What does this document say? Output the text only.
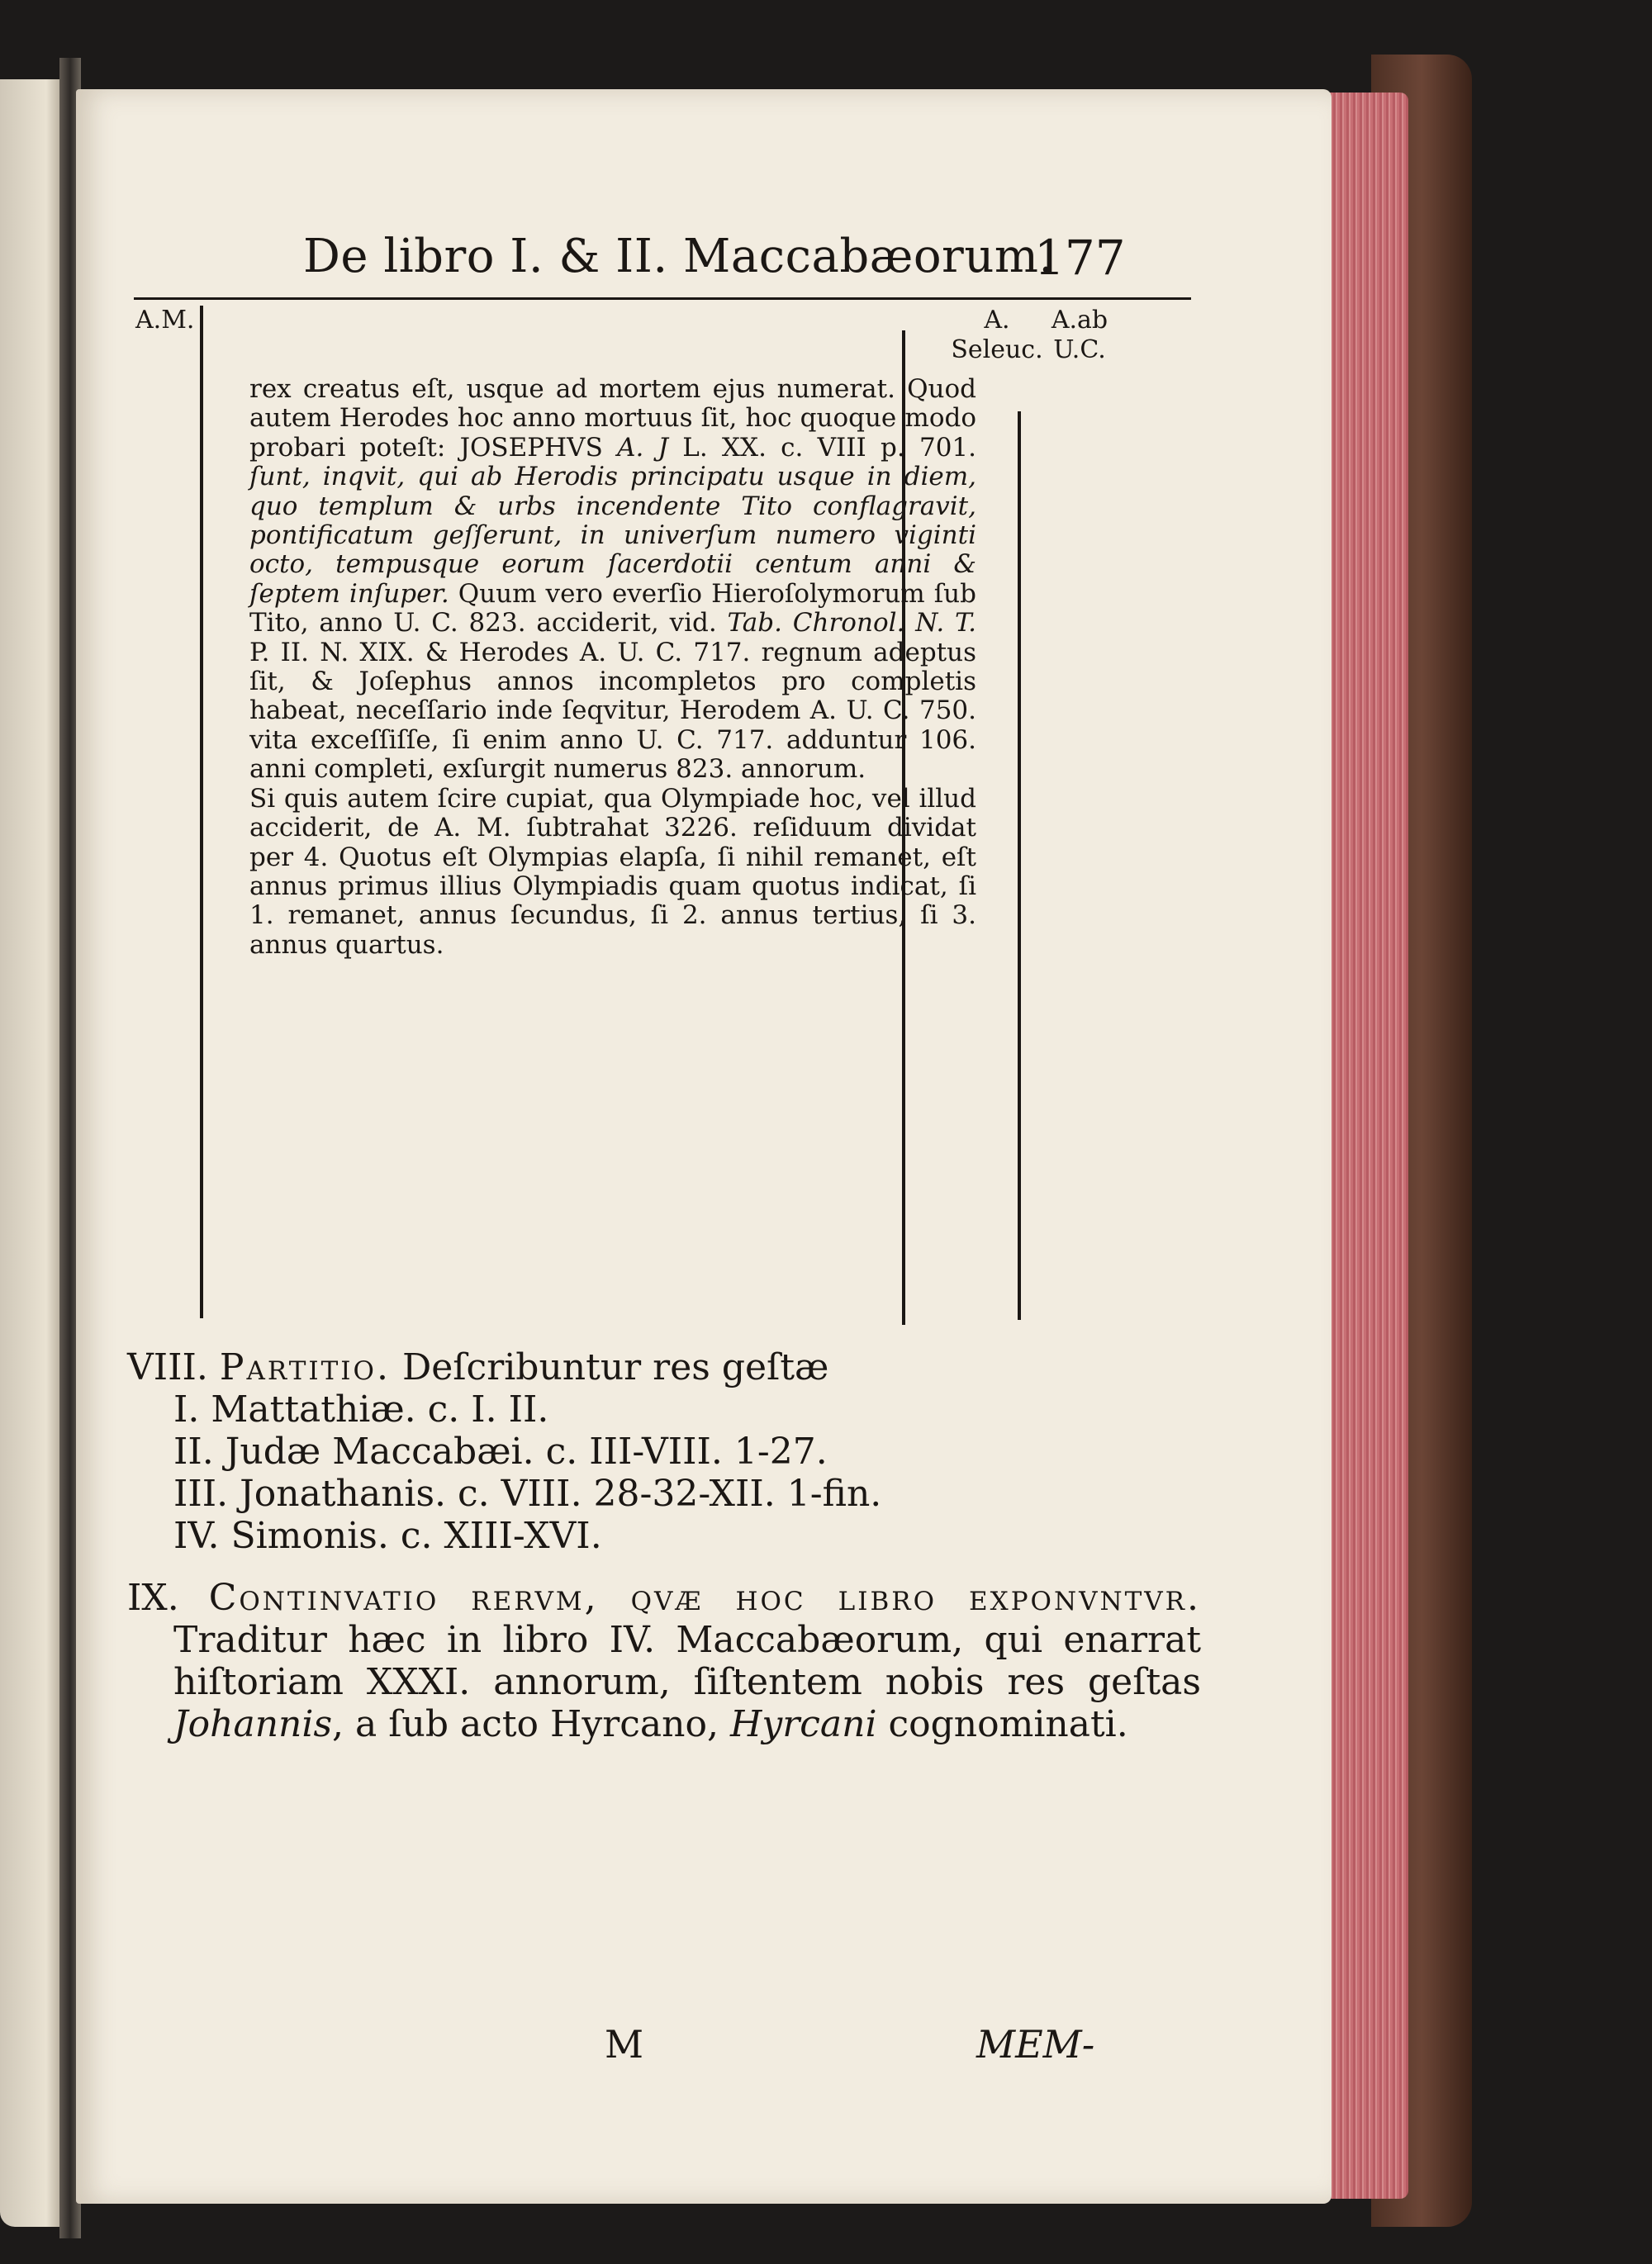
De libro I. & II. Maccabæorum.
177
A.M.	A.
Seleuc.
A.ab
U.C.

rex creatus eſt, usque ad mortem ejus numerat. Quod autem Herodes hoc anno mortuus ſit, hoc quoque modo probari poteſt: JOSEPHVS A. J L. XX. c. VIII p. 701. ſunt, inqvit, qui ab Herodis principatu usque in diem, quo templum & urbs incendente Tito conflagravit, pontificatum geſſerunt, in univerſum numero viginti octo, tempusque eorum ſacerdotii centum anni & ſeptem inſuper. Quum vero everſio Hieroſolymorum ſub Tito, anno U. C. 823. acciderit, vid. Tab. Chronol. N. T. P. II. N. XIX. & Herodes A. U. C. 717. regnum adeptus ſit, & Joſephus annos incompletos pro completis habeat, neceſſario inde ſeqvitur, Herodem A. U. C. 750. vita exceſſiſſe, ſi enim anno U. C. 717. adduntur 106. anni completi, exſurgit numerus 823. annorum.

Si quis autem ſcire cupiat, qua Olympiade hoc, vel illud acciderit, de A. M. ſubtrahat 3226. reſiduum dividat per 4. Quotus eſt Olympias elapſa, ſi nihil remanet, eſt annus primus illius Olympiadis quam quotus indicat, ſi 1. remanet, annus ſecundus, ſi 2. annus tertius, ſi 3. annus quartus.

VIII. Partitio. Deſcribuntur res geſtæ

I. Mattathiæ. c. I. II.

II. Judæ Maccabæi. c. III-VIII. 1-27.

III. Jonathanis. c. VIII. 28-32-XII. 1-fin.

IV. Simonis. c. XIII-XVI.

IX. Continvatio rervm, qvæ hoc libro exponvntvr. Traditur hæc in libro IV. Maccabæorum, qui enarrat hiſtoriam XXXI. annorum, ſiſtentem nobis res geſtas Johannis, a ſub acto Hyrcano, Hyrcani cognominati.

M	MEM-
